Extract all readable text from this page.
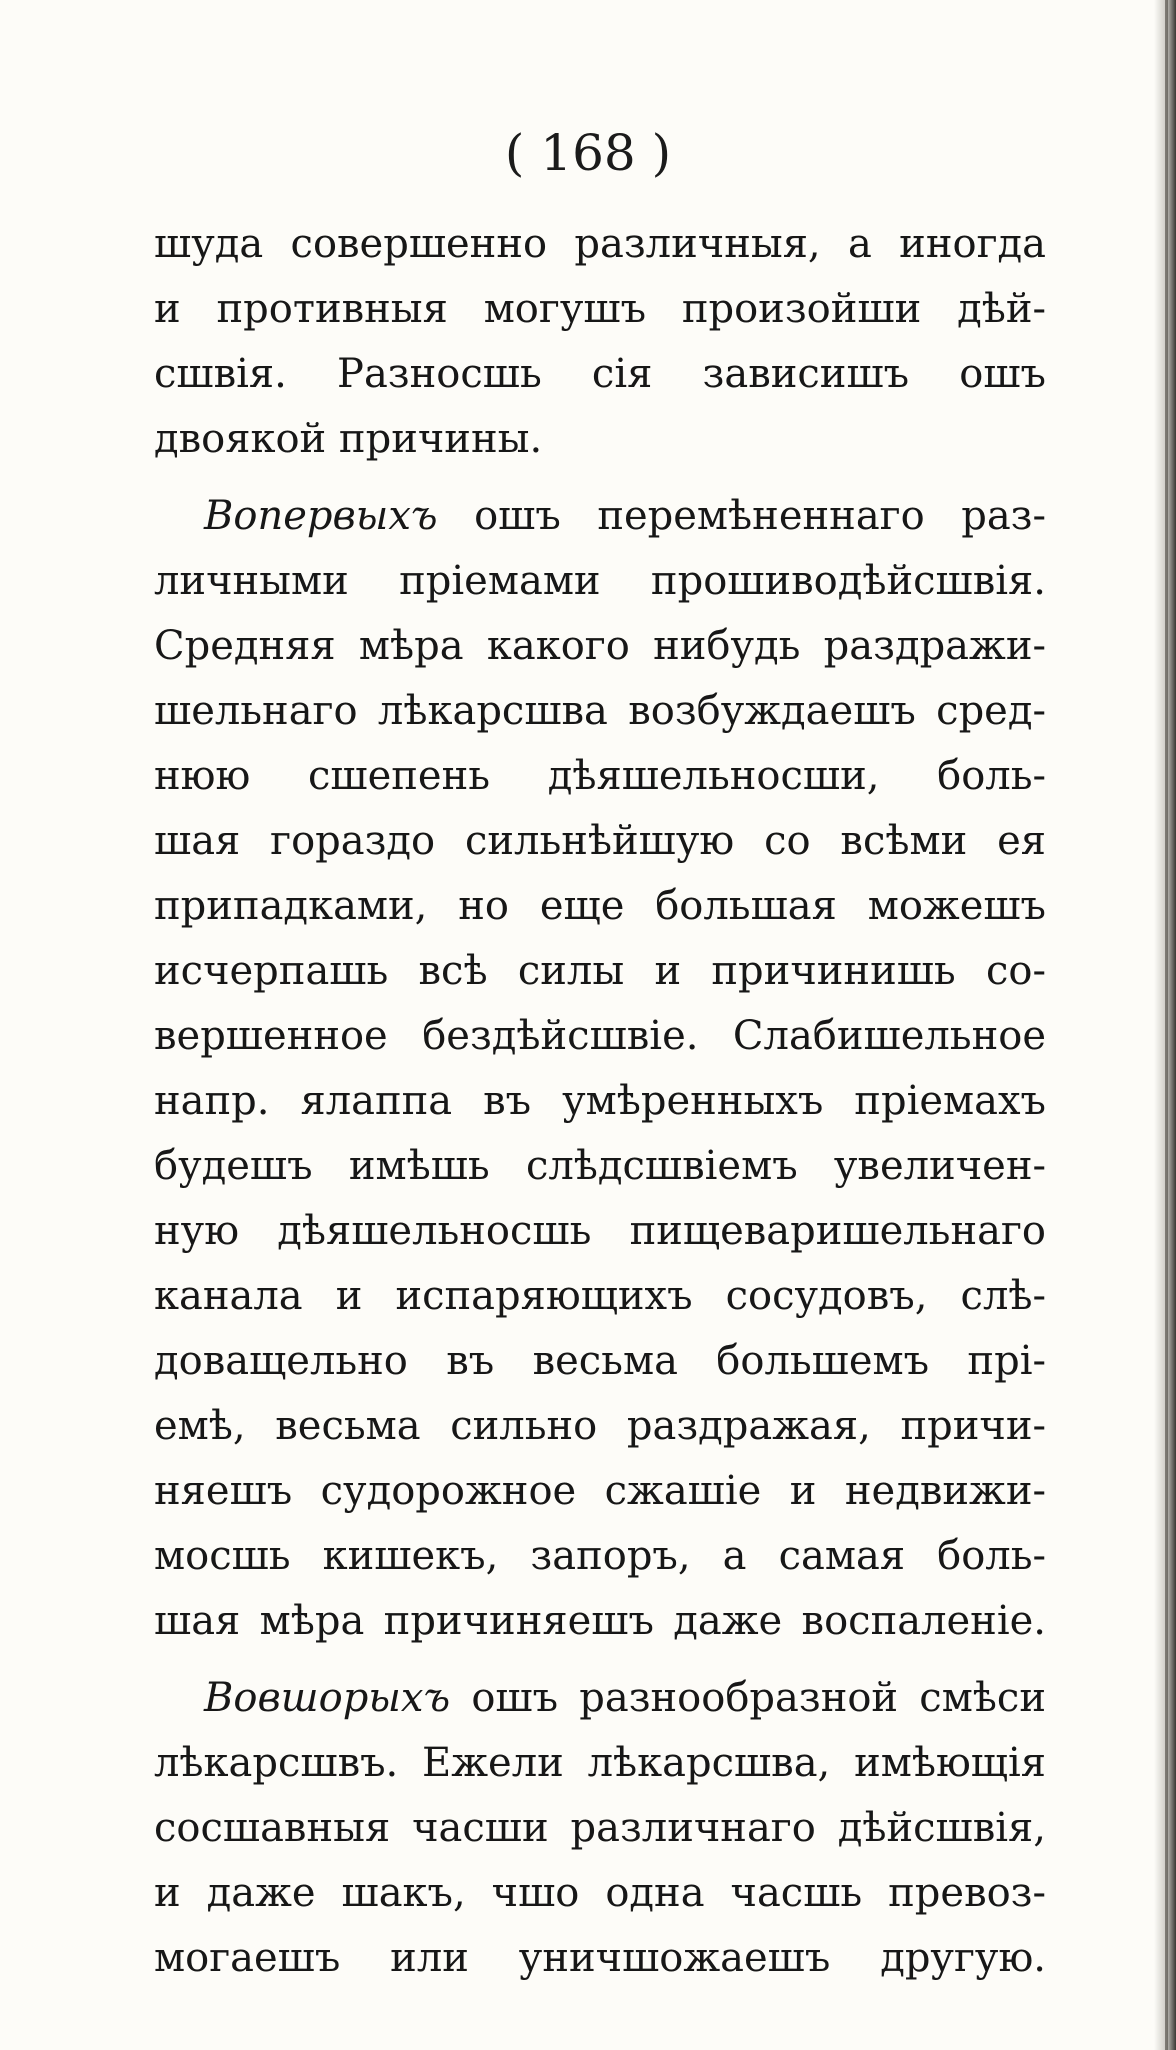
( 168 )

шуда совершенно различныя, а иногда
и противныя могушъ произойши дѣй-
сшвія. Разносшь сія зависишъ ошъ
двоякой причины.
Вопервыхъ ошъ перемѣненнаго раз-
личными пріемами прошиводѣйсшвія.
Средняя мѣра какого нибудь раздражи-
шельнаго лѣкарсшва возбуждаешъ сред-
нюю сшепень дѣяшельносши, боль-
шая гораздо сильнѣйшую со всѣми ея
припадками, но еще большая можешъ
исчерпашь всѣ силы и причинишь со-
вершенное бездѣйсшвіе. Слабишельное
напр. ялаппа въ умѣренныхъ пріемахъ
будешъ имѣшь слѣдсшвіемъ увеличен-
ную дѣяшельносшь пищеваришельнаго
канала и испаряющихъ сосудовъ, слѣ-
доващельно въ весьма большемъ прі-
емѣ, весьма сильно раздражая, причи-
няешъ судорожное сжашіе и недвижи-
мосшь кишекъ, запоръ, а самая боль-
шая мѣра причиняешъ даже воспаленіе.
Вовшорыхъ ошъ разнообразной смѣси
лѣкарсшвъ. Ежели лѣкарсшва, имѣющія
сосшавныя часши различнаго дѣйсшвія,
и даже шакъ, чшо одна часшь превоз-
могаешъ или уничшожаешъ другую.
